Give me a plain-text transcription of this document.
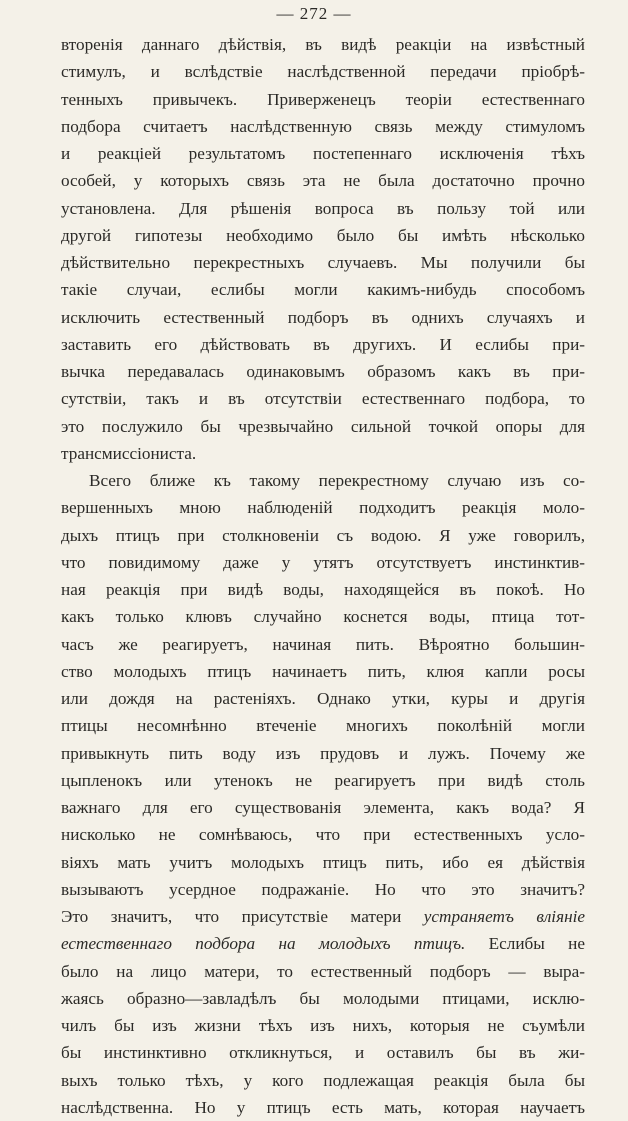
— 272 —
вторенія даннаго дѣйствія, въ видѣ реакціи на извѣстный
стимулъ, и вслѣдствіе наслѣдственной передачи пріобрѣ-
тенныхъ привычекъ. Приверженецъ теоріи естественнаго
подбора считаетъ наслѣдственную связь между стимуломъ
и реакціей результатомъ постепеннаго исключенія тѣхъ
особей, у которыхъ связь эта не была достаточно прочно
установлена. Для рѣшенія вопроса въ пользу той или
другой гипотезы необходимо было бы имѣть нѣсколько
дѣйствительно перекрестныхъ случаевъ. Мы получили бы
такіе случаи, еслибы могли какимъ-нибудь способомъ
исключить естественный подборъ въ однихъ случаяхъ и
заставить его дѣйствовать въ другихъ. И еслибы при-
вычка передавалась одинаковымъ образомъ какъ въ при-
сутствіи, такъ и въ отсутствіи естественнаго подбора, то
это послужило бы чрезвычайно сильной точкой опоры для
трансмиссіониста.
Всего ближе къ такому перекрестному случаю изъ со-
вершенныхъ мною наблюденій подходитъ реакція моло-
дыхъ птицъ при столкновеніи съ водою. Я уже говорилъ,
что повидимому даже у утятъ отсутствуетъ инстинктив-
ная реакція при видѣ воды, находящейся въ покоѣ. Но
какъ только клювъ случайно коснется воды, птица тот-
часъ же реагируетъ, начиная пить. Вѣроятно большин-
ство молодыхъ птицъ начинаетъ пить, клюя капли росы
или дождя на растеніяхъ. Однако утки, куры и другія
птицы несомнѣнно втеченіе многихъ поколѣній могли
привыкнуть пить воду изъ прудовъ и лужъ. Почему же
цыпленокъ или утенокъ не реагируетъ при видѣ столь
важнаго для его существованія элемента, какъ вода? Я
нисколько не сомнѣваюсь, что при естественныхъ усло-
віяхъ мать учитъ молодыхъ птицъ пить, ибо ея дѣйствія
вызываютъ усердное подражаніе. Но что это значитъ?
Это значитъ, что присутствіе матери устраняетъ вліяніе
естественнаго подбора на молодыхъ птицъ. Еслибы не
было на лицо матери, то естественный подборъ — выра-
жаясь образно—завладѣлъ бы молодыми птицами, исклю-
чилъ бы изъ жизни тѣхъ изъ нихъ, которыя не съумѣли
бы инстинктивно откликнуться, и оставилъ бы въ жи-
выхъ только тѣхъ, у кого подлежащая реакція была бы
наслѣдственна. Но у птицъ есть мать, которая научаетъ
